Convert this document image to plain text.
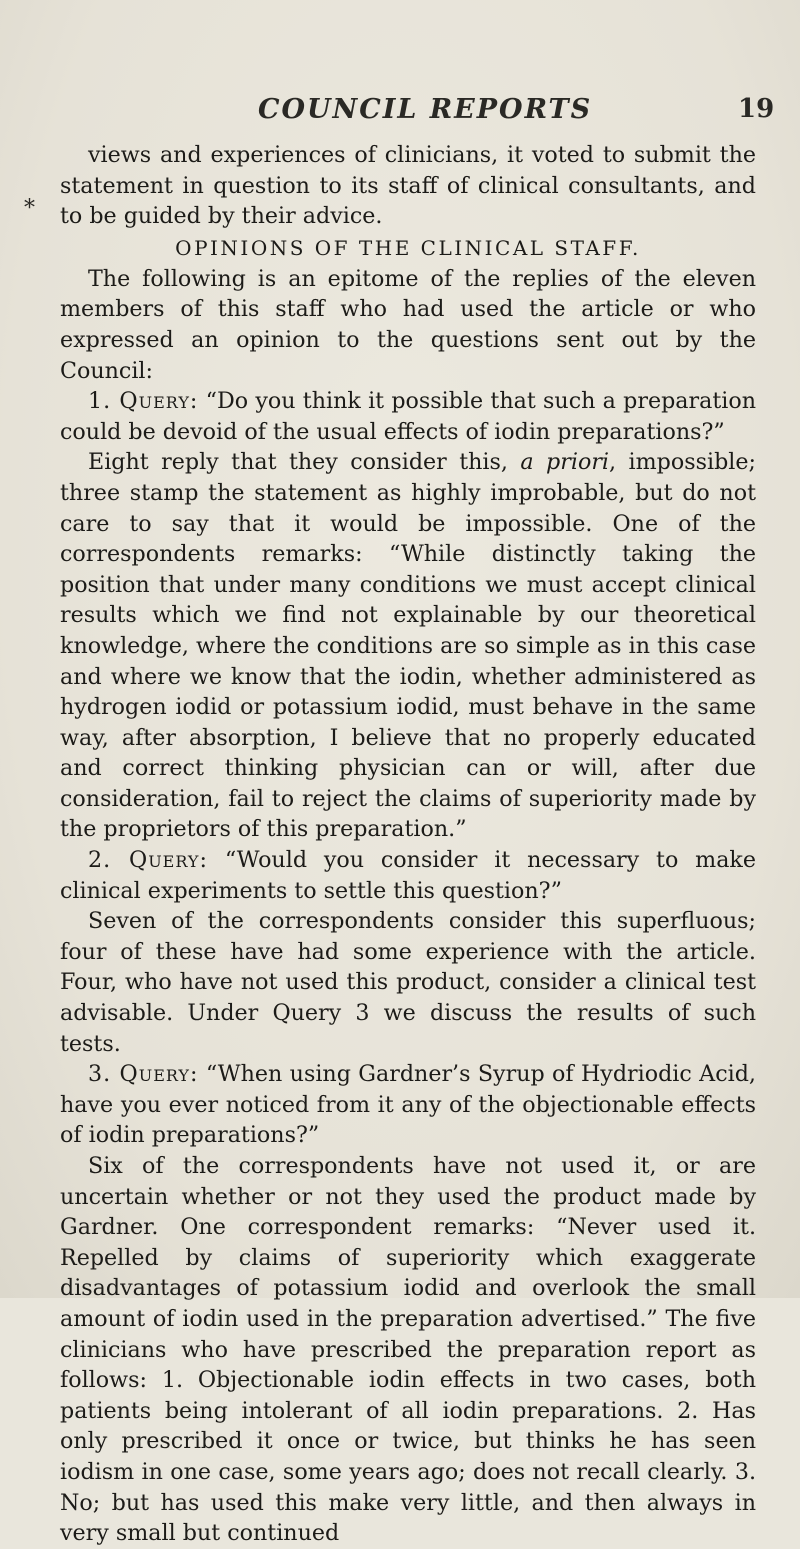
COUNCIL REPORTS	19
*

views and experiences of clinicians, it voted to submit the statement in question to its staff of clinical consultants, and to be guided by their advice.

OPINIONS OF THE CLINICAL STAFF.

The following is an epitome of the replies of the eleven members of this staff who had used the article or who expressed an opinion to the questions sent out by the Council:

1. Query: “Do you think it possible that such a preparation could be devoid of the usual effects of iodin preparations?”

Eight reply that they consider this, a priori, impossible; three stamp the statement as highly improbable, but do not care to say that it would be impossible. One of the correspondents remarks: “While distinctly taking the position that under many conditions we must accept clinical results which we find not explainable by our theoretical knowledge, where the conditions are so simple as in this case and where we know that the iodin, whether administered as hydrogen iodid or potassium iodid, must behave in the same way, after absorption, I believe that no properly educated and correct thinking physician can or will, after due consideration, fail to reject the claims of superiority made by the proprietors of this preparation.”

2. Query: “Would you consider it necessary to make clinical experiments to settle this question?”

Seven of the correspondents consider this superfluous; four of these have had some experience with the article. Four, who have not used this product, consider a clinical test advisable. Under Query 3 we discuss the results of such tests.

3. Query: “When using Gardner’s Syrup of Hydriodic Acid, have you ever noticed from it any of the objectionable effects of iodin preparations?”

Six of the correspondents have not used it, or are uncertain whether or not they used the product made by Gardner. One correspondent remarks: “Never used it. Repelled by claims of superiority which exaggerate disadvantages of potassium iodid and overlook the small amount of iodin used in the preparation advertised.” The five clinicians who have prescribed the preparation report as follows: 1. Objectionable iodin effects in two cases, both patients being intolerant of all iodin preparations. 2. Has only prescribed it once or twice, but thinks he has seen iodism in one case, some years ago; does not recall clearly. 3. No; but has used this make very little, and then always in very small but continued
